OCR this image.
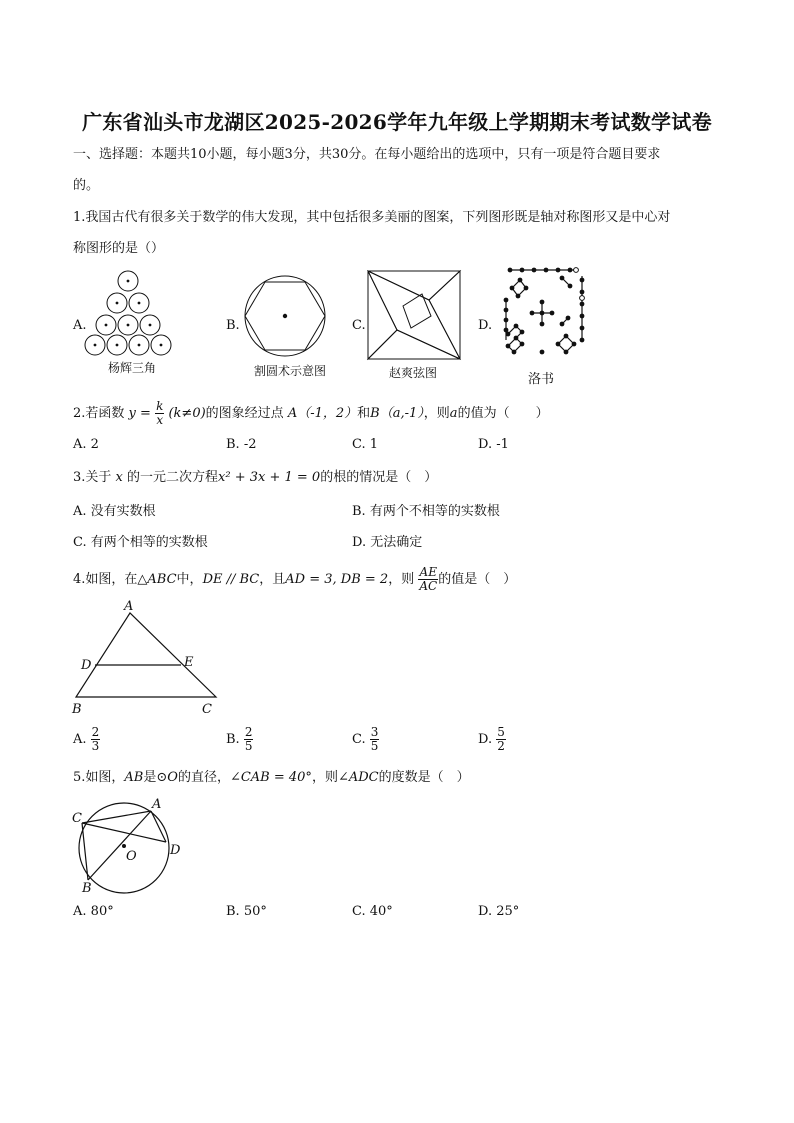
广东省汕头市龙湖区2025-2026学年九年级上学期期末考试数学试卷
一、选择题：本题共10小题，每小题3分，共30分。在每小题给出的选项中，只有一项是符合题目要求
的。
1.我国古代有很多关于数学的伟大发现，其中包括很多美丽的图案，下列图形既是轴对称图形又是中心对
称图形的是（）
A.
杨辉三角
B.
割圆术示意图
C.
赵爽弦图
D.
洛书
2.若函数 $y = \frac{k}{x} (k\ne 0)$的图象经过点 A（-1，2）和B（a,-1），则a的值为（　　）
A. 2	B. -2	C. 1	D. -1
3.关于 x 的一元二次方程x² + 3x + 1 = 0的根的情况是（　）
A. 没有实数根	B. 有两个不相等的实数根
C. 有两个相等的实数根	D. 无法确定
4.如图，在△ABC中，DE // BC，且AD = 3, DB = 2，则 $\frac{AE}{AC}$ 的值是（　）
A
D	E
B	C
A. $\frac{2}{3}$	B. $\frac{2}{5}$	C. $\frac{3}{5}$	D. $\frac{5}{2}$
5.如图，AB是⊙O的直径，∠CAB = 40°，则∠ADC的度数是（　）
A
C
D
O
B
A. 80°	B. 50°	C. 40°	D. 25°
